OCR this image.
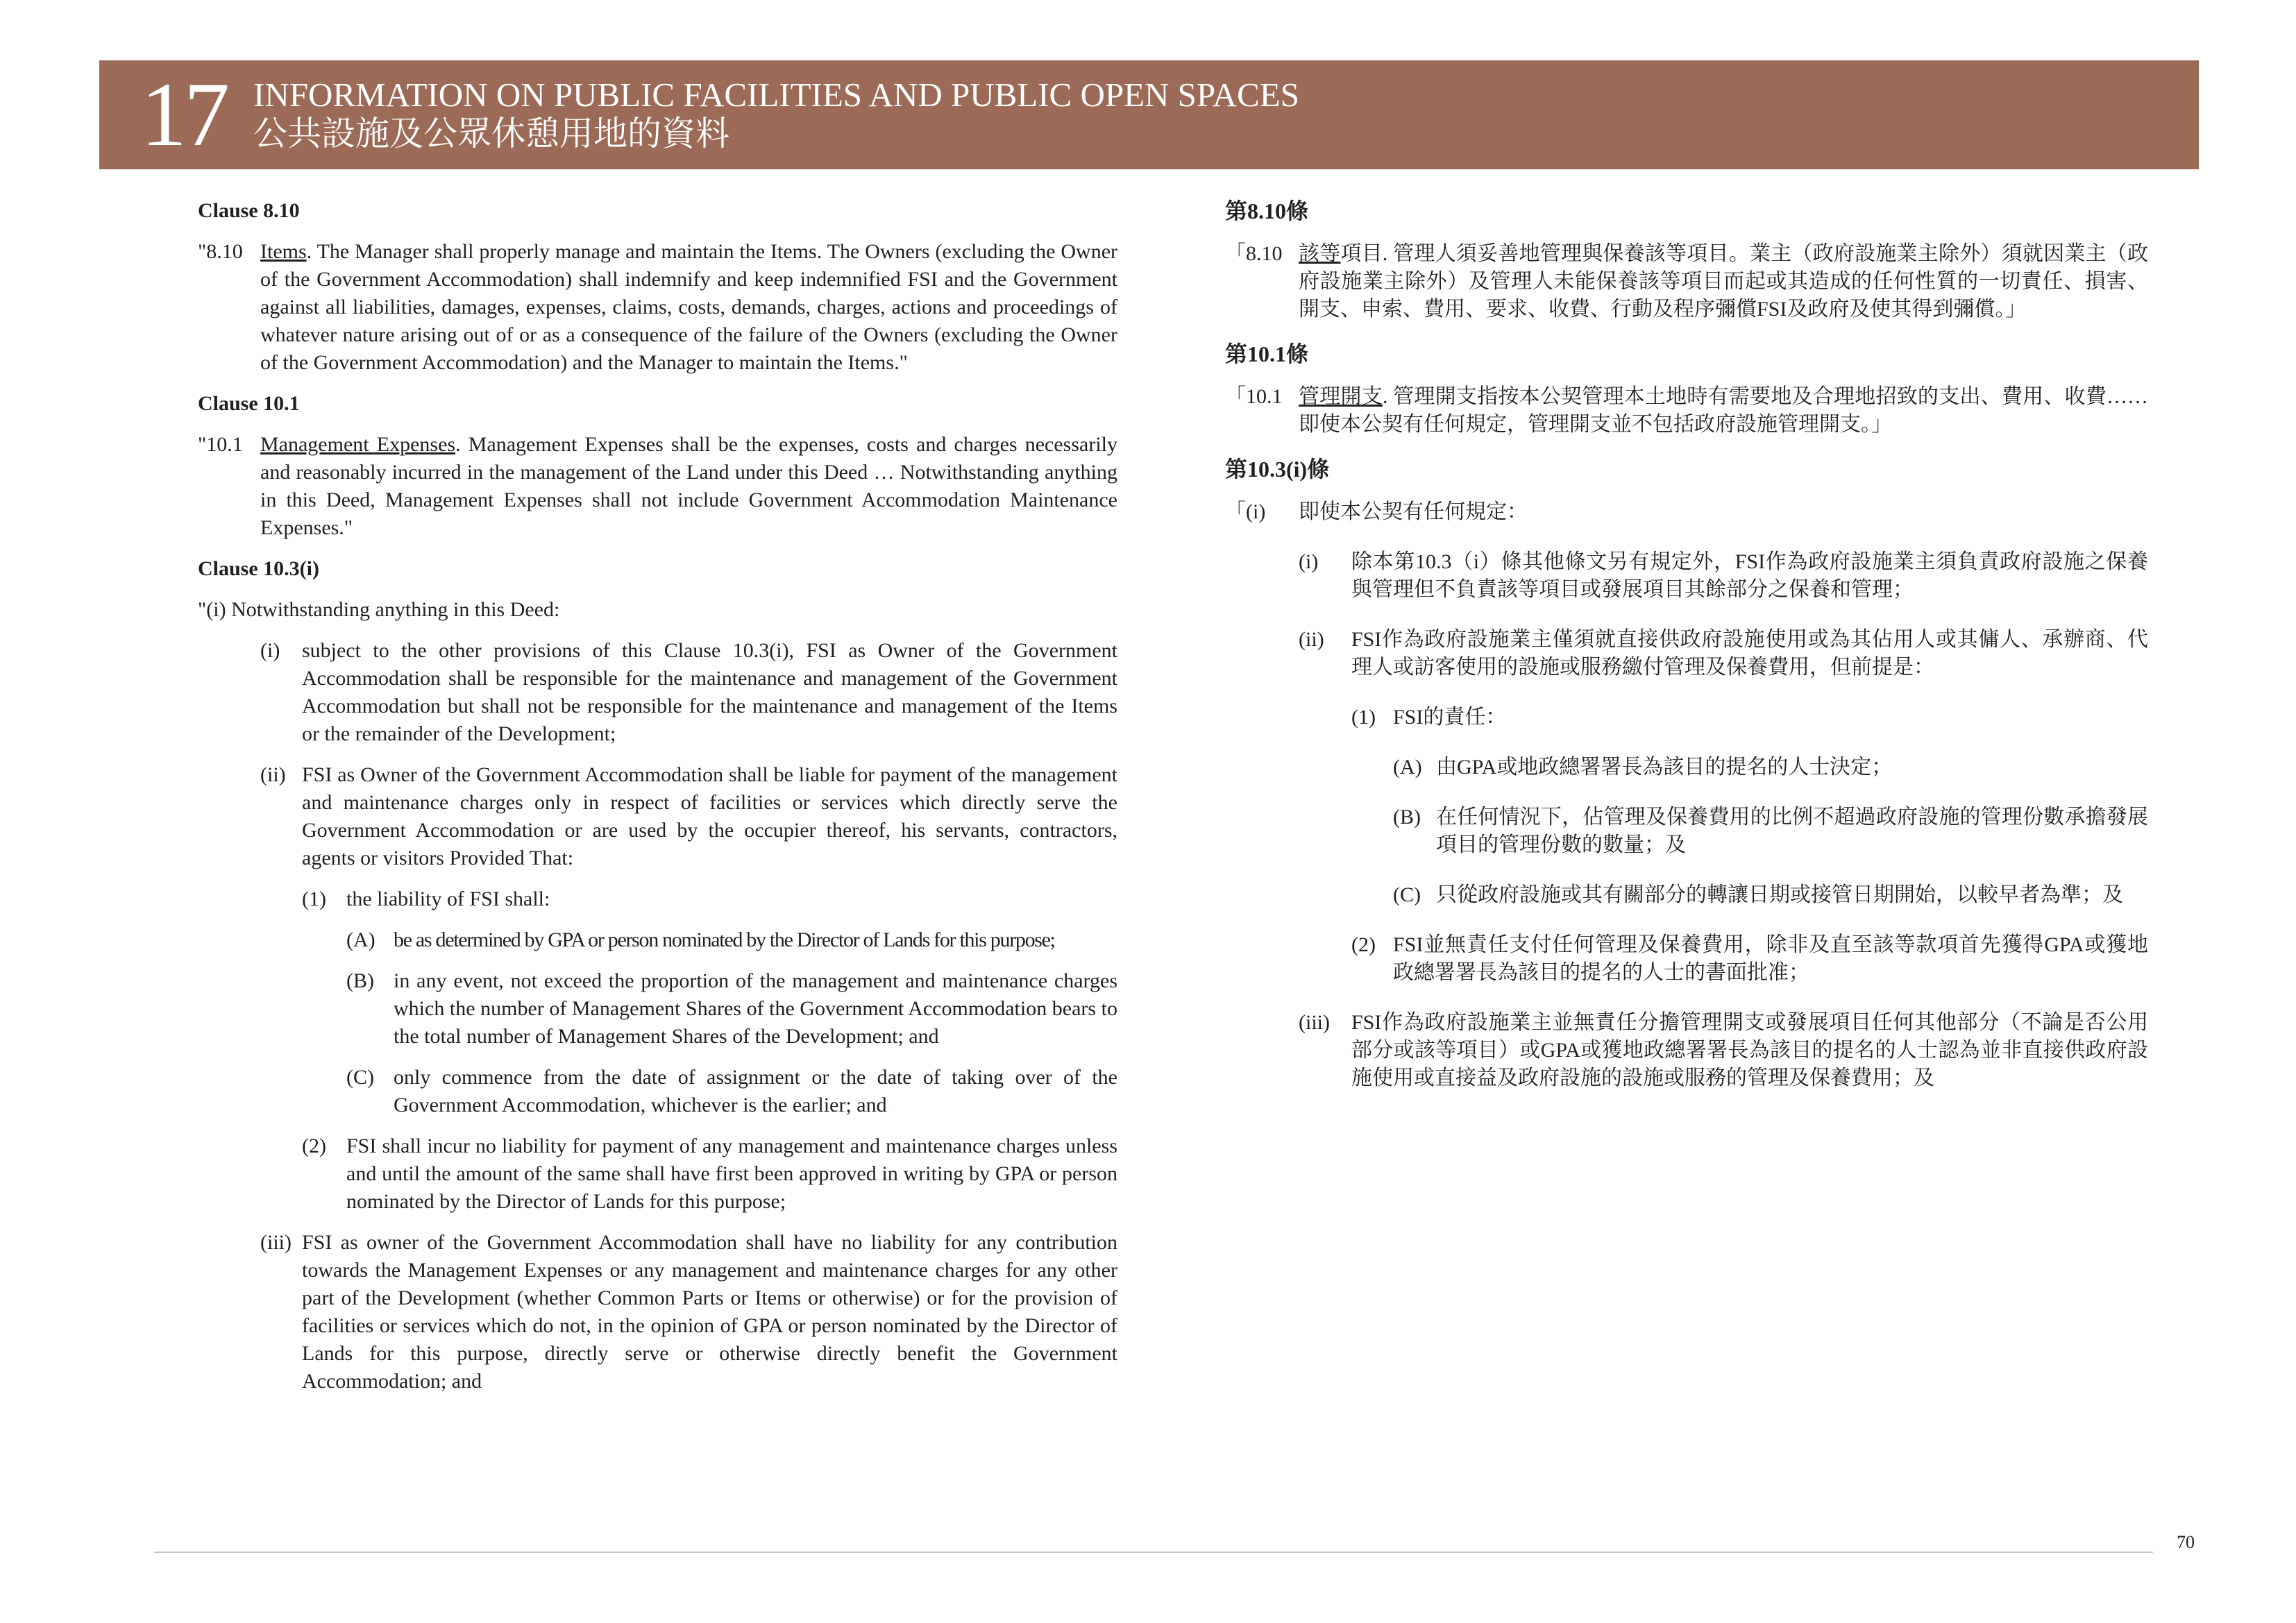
17 INFORMATION ON PUBLIC FACILITIES AND PUBLIC OPEN SPACES
公共設施及公眾休憩用地的資料

Clause 8.10

"8.10 Items. The Manager shall properly manage and maintain the Items. The Owners (excluding the Owner of the Government Accommodation) shall indemnify and keep indemnified FSI and the Government against all liabilities, damages, expenses, claims, costs, demands, charges, actions and proceedings of whatever nature arising out of or as a consequence of the failure of the Owners (excluding the Owner of the Government Accommodation) and the Manager to maintain the Items."

Clause 10.1

"10.1 Management Expenses. Management Expenses shall be the expenses, costs and charges necessarily and reasonably incurred in the management of the Land under this Deed … Notwithstanding anything in this Deed, Management Expenses shall not include Government Accommodation Maintenance Expenses."

Clause 10.3(i)

"(i) Notwithstanding anything in this Deed:

(i)	subject to the other provisions of this Clause 10.3(i), FSI as Owner of the Government Accommodation shall be responsible for the maintenance and management of the Government Accommodation but shall not be responsible for the maintenance and management of the Items or the remainder of the Development;
(ii) FSI as Owner of the Government Accommodation shall be liable for payment of the management and maintenance charges only in respect of facilities or services which directly serve the Government Accommodation or are used by the occupier thereof, his servants, contractors, agents or visitors Provided That:
(1) the liability of FSI shall:
(A) be as determined by GPA or person nominated by the Director of Lands for this purpose;
(B) in any event, not exceed the proportion of the management and maintenance charges which the number of Management Shares of the Government Accommodation bears to the total number of Management Shares of the Development; and
(C) only commence from the date of assignment or the date of taking over of the Government Accommodation, whichever is the earlier; and
(2) FSI shall incur no liability for payment of any management and maintenance charges unless and until the amount of the same shall have first been approved in writing by GPA or person nominated by the Director of Lands for this purpose;
(iii) FSI as owner of the Government Accommodation shall have no liability for any contribution towards the Management Expenses or any management and maintenance charges for any other part of the Development (whether Common Parts or Items or otherwise) or for the provision of facilities or services which do not, in the opinion of GPA or person nominated by the Director of Lands for this purpose, directly serve or otherwise directly benefit the Government Accommodation; and

第8.10條

「8.10 該等項目. 管理人須妥善地管理與保養該等項目。業主（政府設施業主除外）須就因業主（政府設施業主除外）及管理人未能保養該等項目而起或其造成的任何性質的一切責任、損害、開支、申索、費用、要求、收費、行動及程序彌償FSI及政府及使其得到彌償。」

第10.1條

「10.1 管理開支. 管理開支指按本公契管理本土地時有需要地及合理地招致的支出、費用、收費……即使本公契有任何規定，管理開支並不包括政府設施管理開支。」

第10.3(i)條

「(i)	即使本公契有任何規定：
(i)	除本第10.3（i）條其他條文另有規定外，FSI作為政府設施業主須負責政府設施之保養與管理但不負責該等項目或發展項目其餘部分之保養和管理；
(ii)	FSI作為政府設施業主僅須就直接供政府設施使用或為其佔用人或其傭人、承辦商、代理人或訪客使用的設施或服務繳付管理及保養費用，但前提是：
(1) FSI的責任：
(A) 由GPA或地政總署署長為該目的提名的人士決定；
(B) 在任何情況下，佔管理及保養費用的比例不超過政府設施的管理份數承擔發展項目的管理份數的數量；及
(C) 只從政府設施或其有關部分的轉讓日期或接管日期開始，以較早者為準；及
(2) FSI並無責任支付任何管理及保養費用，除非及直至該等款項首先獲得GPA或獲地政總署署長為該目的提名的人士的書面批准；
(iii)	FSI作為政府設施業主並無責任分擔管理開支或發展項目任何其他部分（不論是否公用部分或該等項目）或GPA或獲地政總署署長為該目的提名的人士認為並非直接供政府設施使用或直接益及政府設施的設施或服務的管理及保養費用；及
70
